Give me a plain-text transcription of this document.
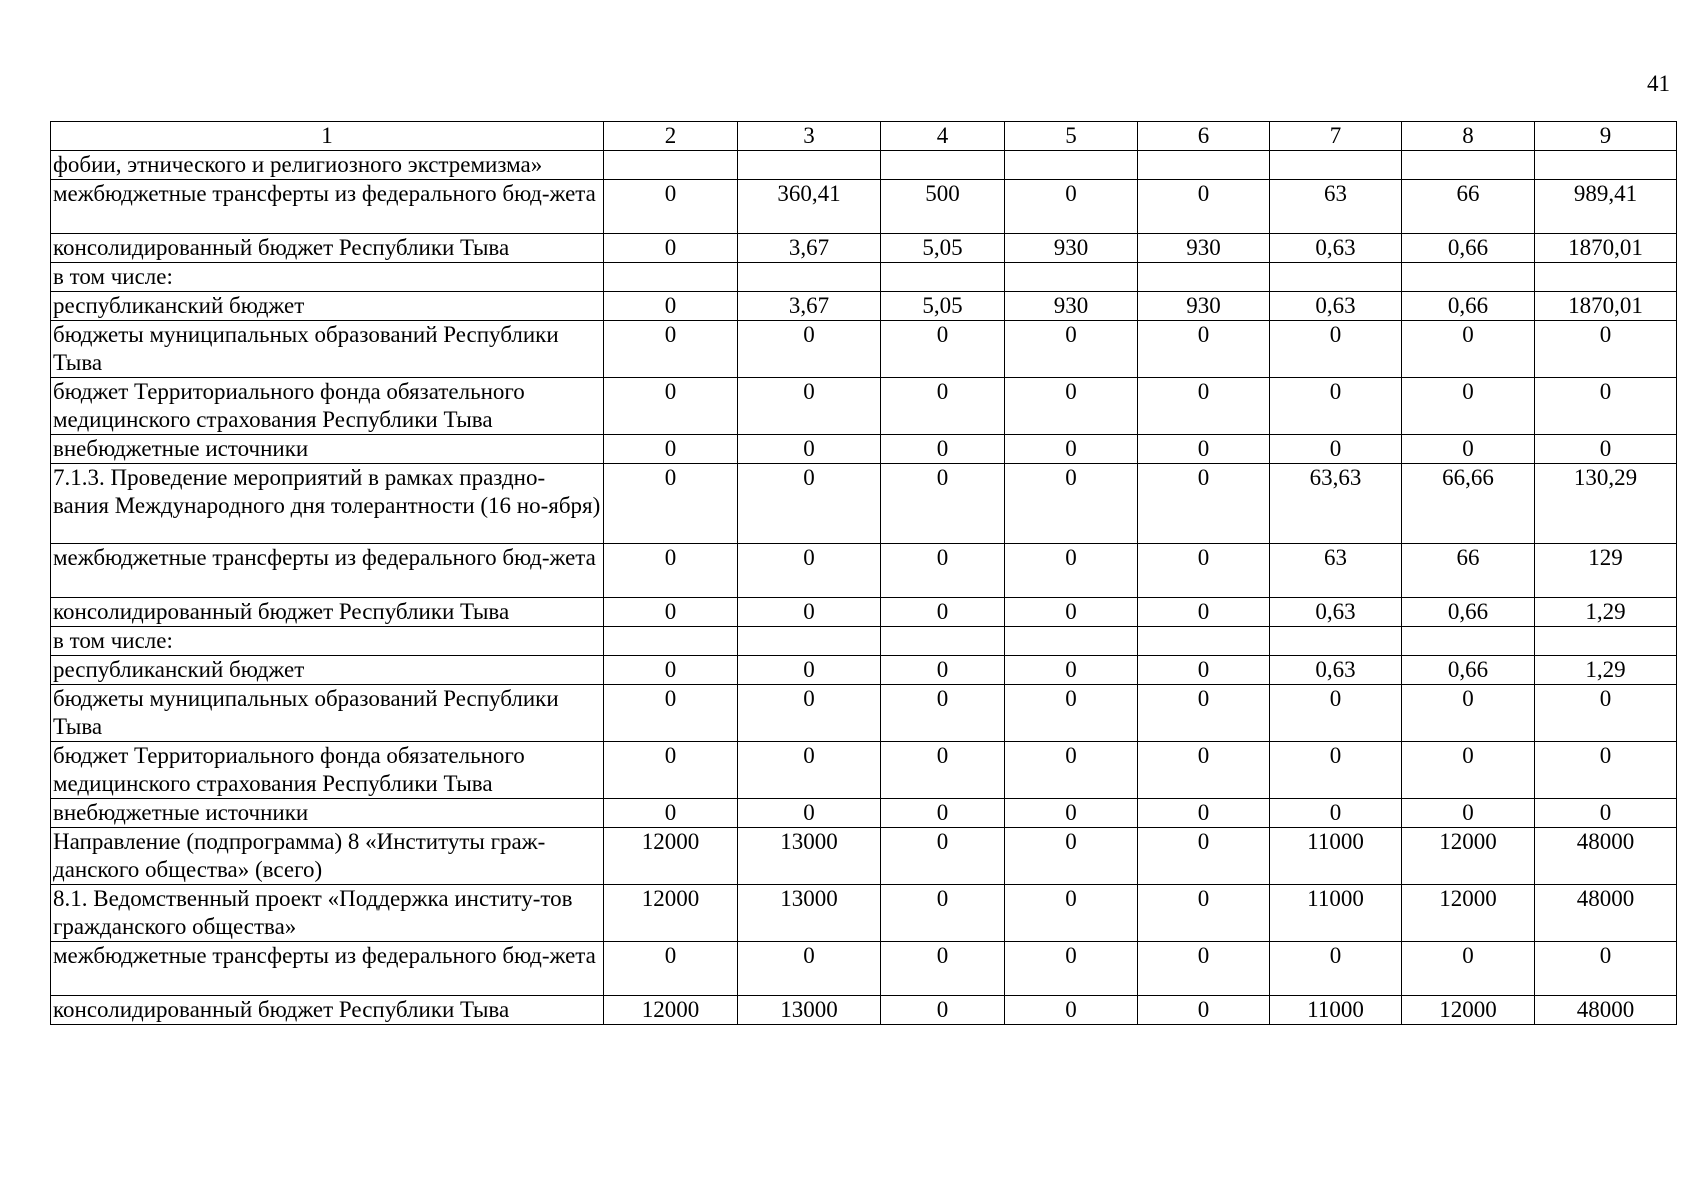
41
1	2	3	4	5	6	7	8	9
фобии, этнического и религиозного экстремизма»								
межбюджетные трансферты из федерального бюд-жета	0	360,41	500	0	0	63	66	989,41
консолидированный бюджет Республики Тыва	0	3,67	5,05	930	930	0,63	0,66	1870,01
в том числе:								
республиканский бюджет	0	3,67	5,05	930	930	0,63	0,66	1870,01
бюджеты муниципальных образований Республики Тыва	0	0	0	0	0	0	0	0
бюджет Территориального фонда обязательного медицинского страхования Республики Тыва	0	0	0	0	0	0	0	0
внебюджетные источники	0	0	0	0	0	0	0	0
7.1.3. Проведение мероприятий в рамках праздно-вания Международного дня толерантности (16 но-ября)	0	0	0	0	0	63,63	66,66	130,29
межбюджетные трансферты из федерального бюд-жета	0	0	0	0	0	63	66	129
консолидированный бюджет Республики Тыва	0	0	0	0	0	0,63	0,66	1,29
в том числе:								
республиканский бюджет	0	0	0	0	0	0,63	0,66	1,29
бюджеты муниципальных образований Республики Тыва	0	0	0	0	0	0	0	0
бюджет Территориального фонда обязательного медицинского страхования Республики Тыва	0	0	0	0	0	0	0	0
внебюджетные источники	0	0	0	0	0	0	0	0
Направление (подпрограмма) 8 «Институты граж-данского общества» (всего)	12000	13000	0	0	0	11000	12000	48000
8.1. Ведомственный проект «Поддержка институ-тов гражданского общества»	12000	13000	0	0	0	11000	12000	48000
межбюджетные трансферты из федерального бюд-жета	0	0	0	0	0	0	0	0
консолидированный бюджет Республики Тыва	12000	13000	0	0	0	11000	12000	48000
